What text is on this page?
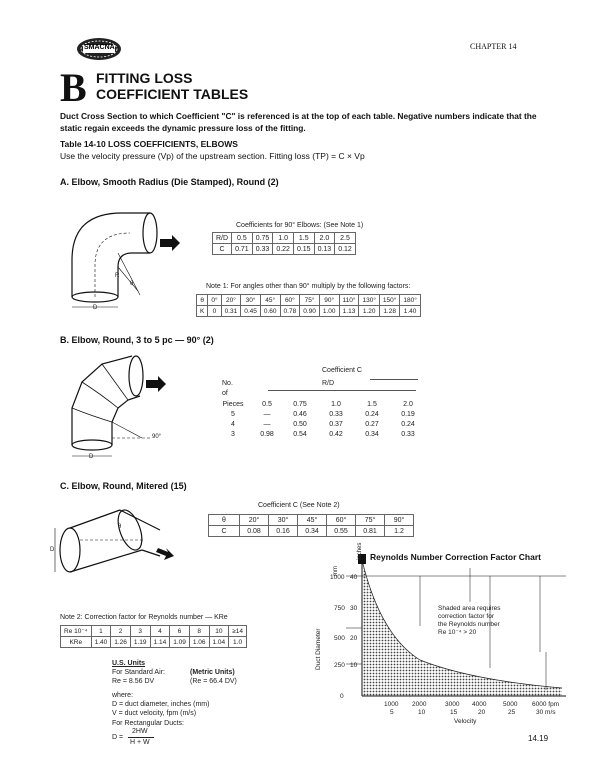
SMACNA	CHAPTER 14
B FITTING LOSS
COEFFICIENT TABLES
Duct Cross Section to which Coefficient "C" is referenced is at the top of each table. Negative numbers indicate that the static regain exceeds the dynamic pressure loss of the fitting.
Table 14-10 LOSS COEFFICIENTS, ELBOWS
Use the velocity pressure (Vp) of the upstream section. Fitting loss (TP) = C × Vp
A. Elbow, Smooth Radius (Die Stamped), Round (2)
R
θ
D
Coefficients for 90° Elbows: (See Note 1)
R/D	0.5	0.75	1.0	1.5	2.0	2.5
C	0.71	0.33	0.22	0.15	0.13	0.12
Note 1: For angles other than 90° multiply by the following factors:
θ	0°	20°	30°	45°	60°	75°	90°	110°	130°	150°	180°
K	0	0.31	0.45	0.60	0.78	0.90	1.00	1.13	1.20	1.28	1.40
B. Elbow, Round, 3 to 5 pc — 90° (2)
90°
D
Coefficient C
No.	R/D
of
Pieces	0.5	0.75	1.0	1.5	2.0
5	—	0.46	0.33	0.24	0.19
4	—	0.50	0.37	0.27	0.24
3	0.98	0.54	0.42	0.34	0.33
C. Elbow, Round, Mitered (15)
θ
D
Coefficient C (See Note 2)
θ	20°	30°	45°	60°	75°	90°
C	0.08	0.16	0.34	0.55	0.81	1.2
Note 2: Correction factor for Reynolds number — KRe
Re 10⁻⁴	1	2	3	4	6	8	10	≥14
KRe	1.40	1.26	1.19	1.14	1.09	1.06	1.04	1.0
U.S. Units
For Standard Air:
Re = 8.56 DV
(Metric Units)
(Re = 66.4 DV)
where:
D = duct diameter, inches (mm)
V = duct velocity, fpm (m/s)
For Rectangular Ducts:
D =
2HW
H + W
Reynolds Number Correction Factor Chart
Duct Diameter
mm
inches
1000
750
500
250
0
40
30
20
10
Shaded area requires
correction factor for
the Reynolds number
Re 10⁻⁴ > 20
1000 2000	3000 4000	5000 6000 fpm
5	10	15	20	25	30 m/s
Velocity
14.19
